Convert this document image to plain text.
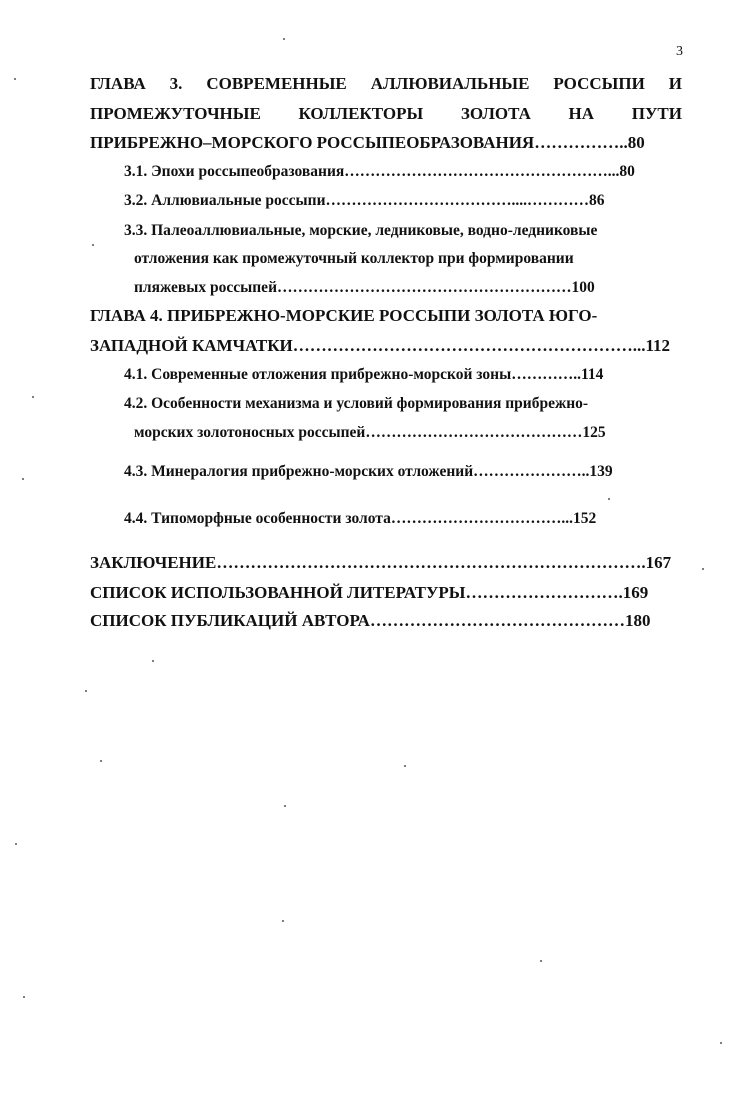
3
ГЛАВА 3. СОВРЕМЕННЫЕ АЛЛЮВИАЛЬНЫЕ РОССЫПИ И
ПРОМЕЖУТОЧНЫЕ КОЛЛЕКТОРЫ ЗОЛОТА НА ПУТИ
ПРИБРЕЖНО–МОРСКОГО РОССЫПЕОБРАЗОВАНИЯ……………..80
3.1. Эпохи россыпеобразования……………………………………………...80
3.2. Аллювиальные россыпи………………………………....…………86
3.3. Палеоаллювиальные, морские, ледниковые, водно-ледниковые
отложения как промежуточный коллектор при формировании
пляжевых россыпей…………………………………………………100
ГЛАВА 4. ПРИБРЕЖНО-МОРСКИЕ РОССЫПИ ЗОЛОТА ЮГО-
ЗАПАДНОЙ КАМЧАТКИ……………………………………………………...112
4.1. Современные отложения прибрежно-морской зоны…………..114
4.2. Особенности механизма и условий формирования прибрежно-
морских золотоносных россыпей……………………………………125
4.3. Минералогия прибрежно-морских отложений…………………..139
4.4. Типоморфные особенности золота……………………………...152
ЗАКЛЮЧЕНИЕ………………………………………………………………….167
СПИСОК ИСПОЛЬЗОВАННОЙ ЛИТЕРАТУРЫ……………………….169
СПИСОК ПУБЛИКАЦИЙ АВТОРА………………………………………180
